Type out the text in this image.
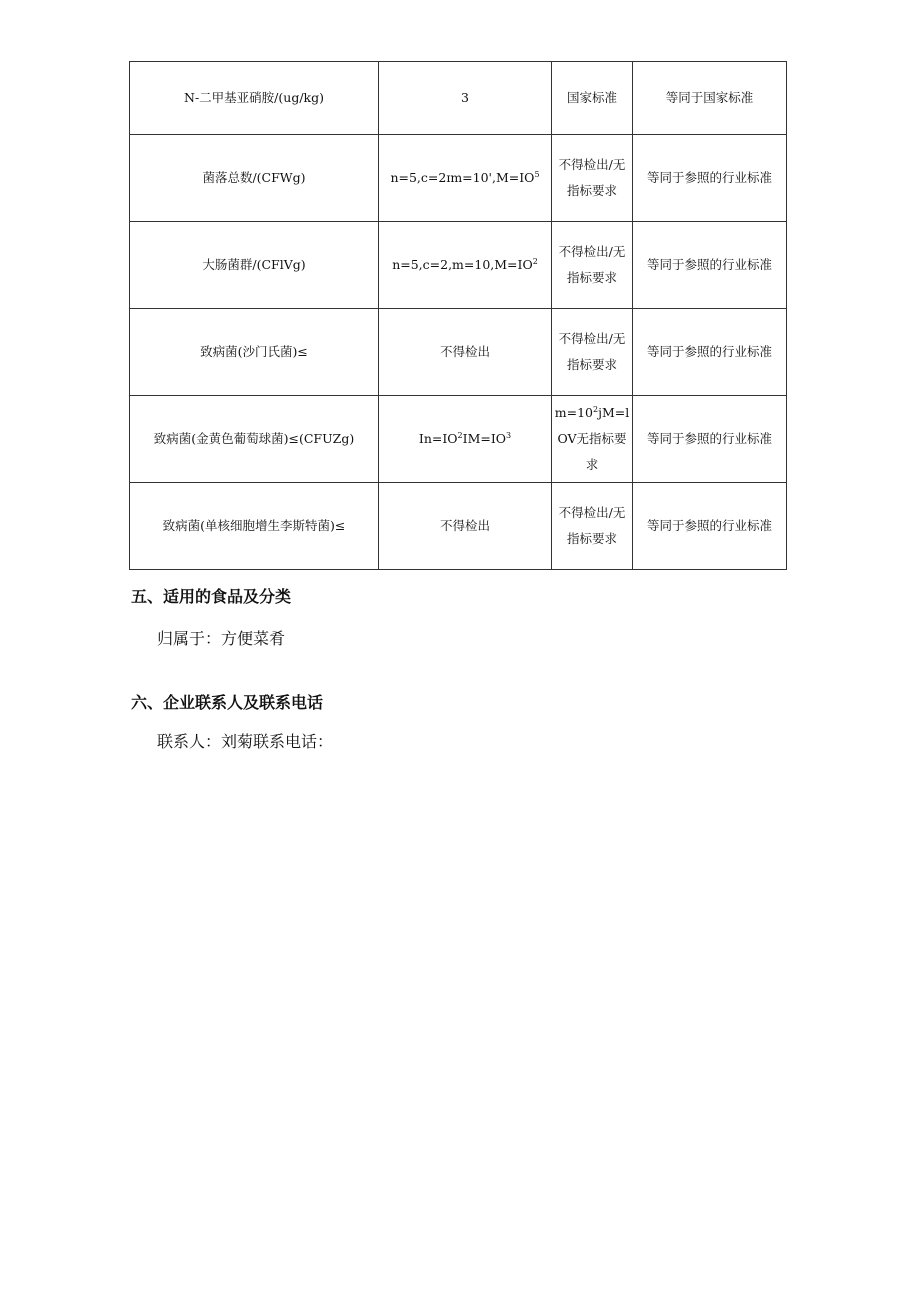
N-二甲基亚硝胺/(ug/kg)	3	国家标准	等同于国家标准
菌落总数/(CFWg)	$n=5,c=2ɪm=10',M=IO^5$	不得检出/无指标要求	等同于参照的行业标准
大肠菌群/(CFlVg)	$n=5,c=2,m=10,M=IO^2$	不得检出/无指标要求	等同于参照的行业标准
致病菌(沙门氏菌)≤	不得检出	不得检出/无指标要求	等同于参照的行业标准
致病菌(金黄色葡萄球菌)≤(CFUZg)	$In=IO^2IM=IO^3$	$m=10^2jM=l$ OV无指标要求	等同于参照的行业标准
致病菌(单核细胞增生李斯特菌)≤	不得检出	不得检出/无指标要求	等同于参照的行业标准
五、适用的食品及分类

归属于：方便菜肴

六、企业联系人及联系电话

联系人：刘菊联系电话：
